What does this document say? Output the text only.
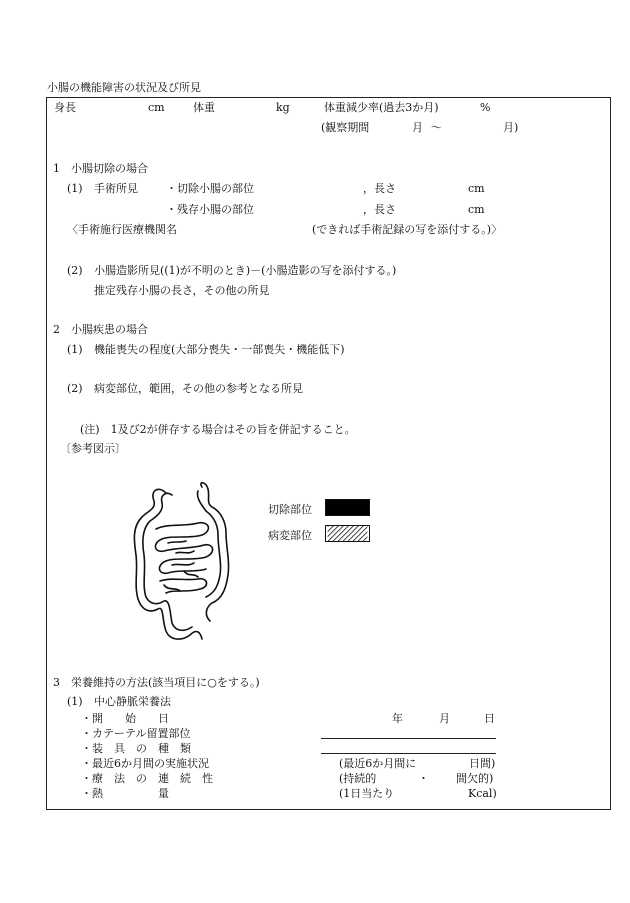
小腸の機能障害の状況及び所見
身長	cm	体重	kg	体重減少率(過去3か月)	%
(観察期間	月 〜	月)
1　小腸切除の場合
(1) 手術所見	・切除小腸の部位	，長さ	cm
・残存小腸の部位	，長さ	cm
〈手術施行医療機関名	(できれば手術記録の写を添付する。)〉
(2) 小腸造影所見((1)が不明のとき)－(小腸造影の写を添付する。)
推定残存小腸の長さ，その他の所見
2　小腸疾患の場合
(1) 機能喪失の程度(大部分喪失・一部喪失・機能低下)
(2) 病変部位，範囲，その他の参考となる所見
(注)　1及び2が併存する場合はその旨を併記すること。
〔参考図示〕
切除部位
病変部位
3　栄養維持の方法(該当項目に○をする。)
(1) 中心静脈栄養法
・開　　始　　日	年	月	日
・カテーテル留置部位
・装　具　の　種　類
・最近6か月間の実施状況	(最近6か月間に	日間)
・療　法　の　連　続　性	(持続的	・ 間欠的)
・熱　　　　　量	(1日当たり	Kcal)
